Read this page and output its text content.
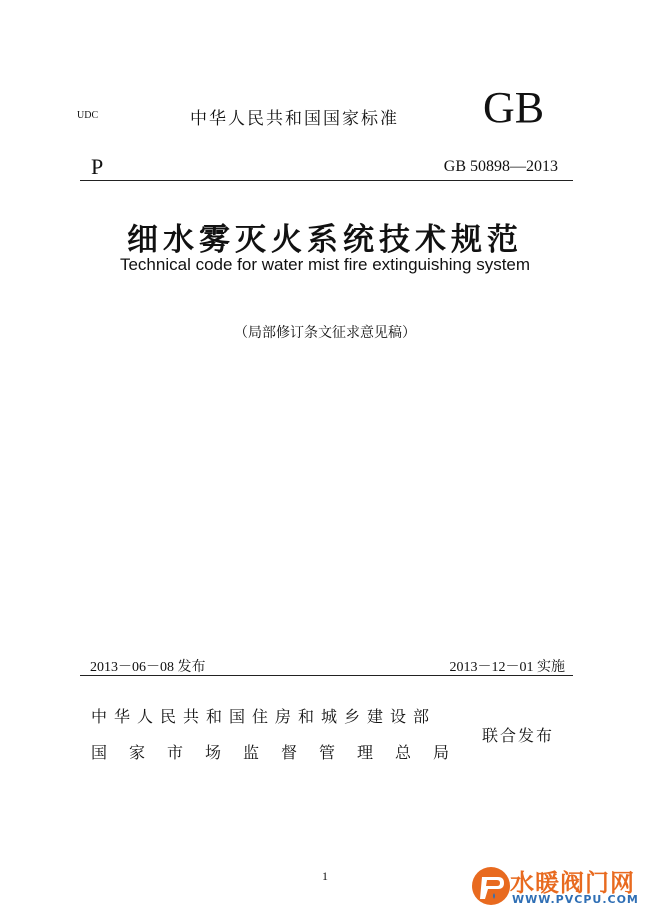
UDC	中华人民共和国国家标准 GB
P	GB 50898—2013
细水雾灭火系统技术规范
Technical code for water mist fire extinguishing system
（局部修订条文征求意见稿）
2013－06－08 发布	2013－12－01 实施
中华人民共和国住房和城乡建设部
国家市场监督管理总局
联合发布
1	水暖阀门网
WWW.PVCPU.COM
